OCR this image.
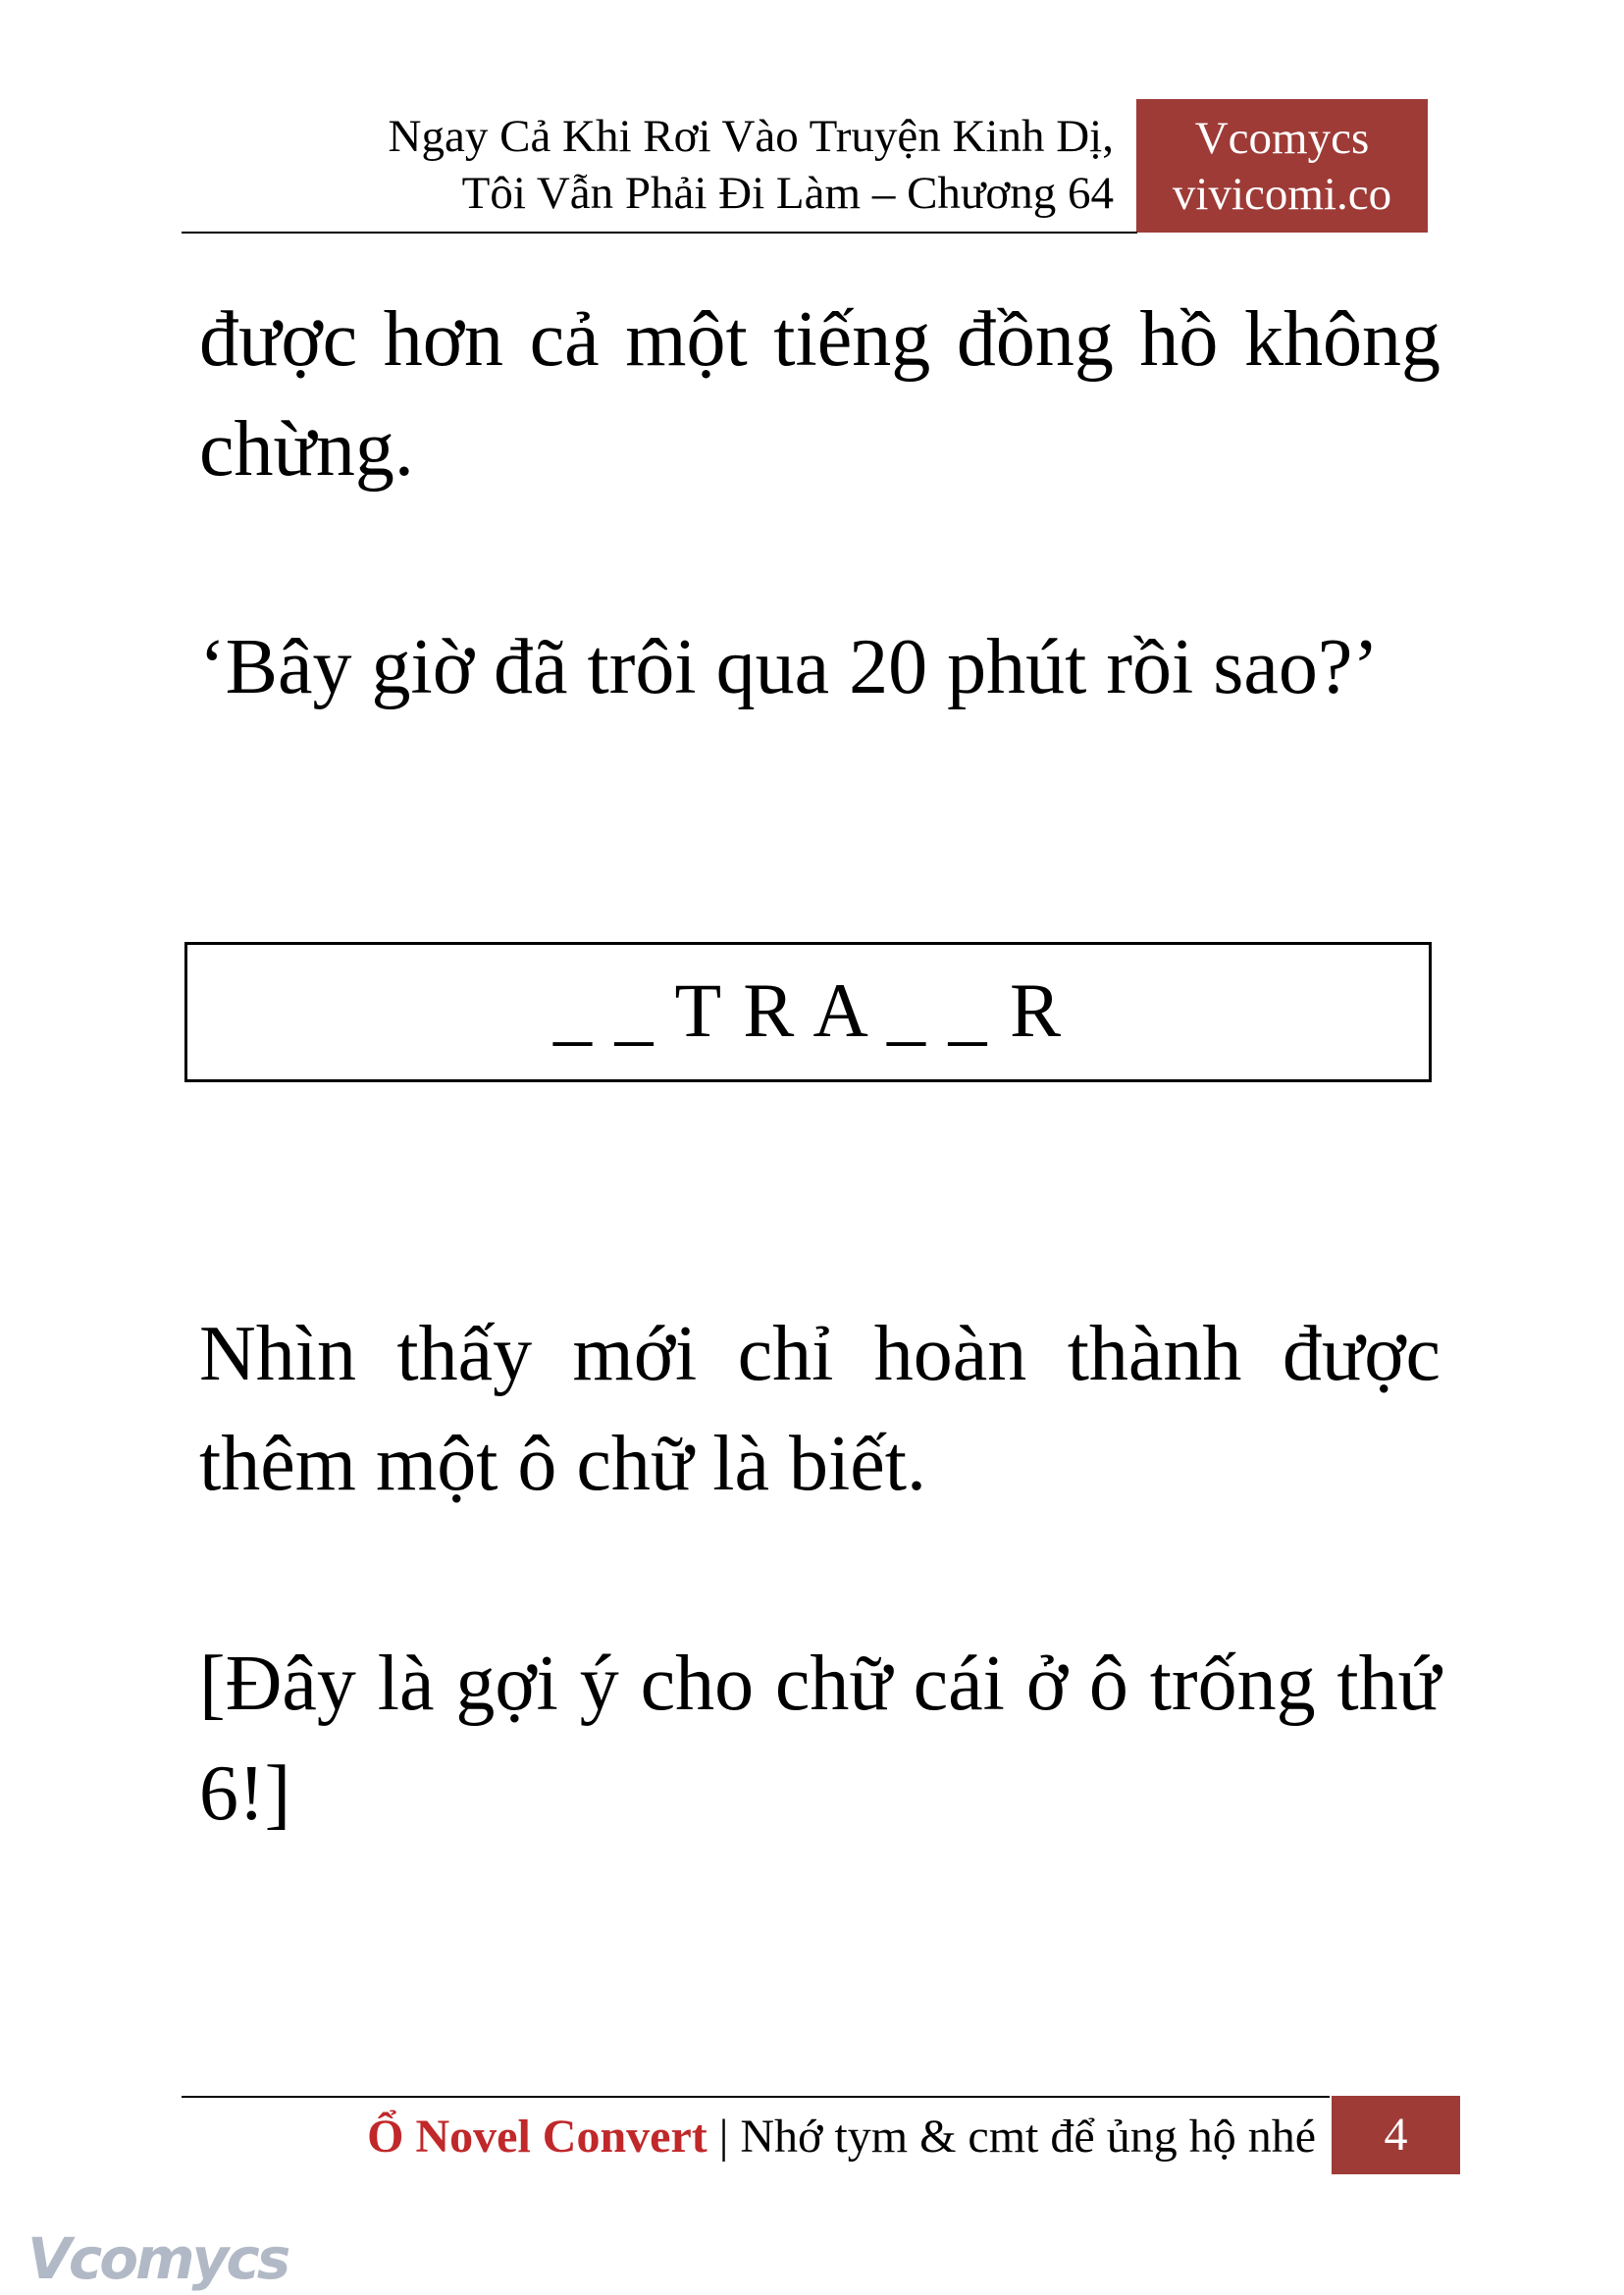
Ngay Cả Khi Rơi Vào Truyện Kinh Dị,
Tôi Vẫn Phải Đi Làm – Chương 64
Vcomycs
vivicomi.co

được hơn cả một tiếng đồng hồ không chừng.

‘Bây giờ đã trôi qua 20 phút rồi sao?’

_ _ T R A _ _ R

Nhìn thấy mới chỉ hoàn thành được thêm một ô chữ là biết.

[Đây là gợi ý cho chữ cái ở ô trống thứ 6!]

Ổ Novel Convert | Nhớ tym & cmt để ủng hộ nhé	4
Vcomycs
